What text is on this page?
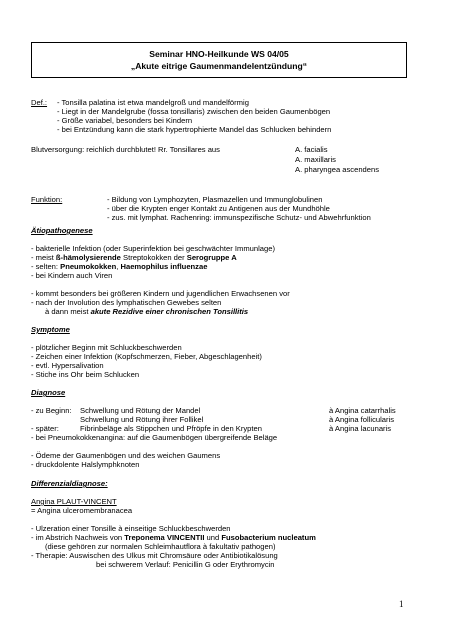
Seminar HNO-Heilkunde WS 04/05
„Akute eitrige Gaumenmandelentzündung“
Def.: - Tonsilla palatina ist etwa mandelgroß und mandelförmig
- Liegt in der Mandelgrube (fossa tonsillaris) zwischen den beiden Gaumenbögen
- Größe variabel, besonders bei Kindern
- bei Entzündung kann die stark hypertrophierte Mandel das Schlucken behindern
Blutversorgung: reichlich durchblutet! Rr. Tonsillares aus	A. facialis
A. maxillaris
A. pharyngea ascendens
Funktion:	- Bildung von Lymphozyten, Plasmazellen und Immunglobulinen
- über die Krypten enger Kontakt zu Antigenen aus der Mundhöhle
- zus. mit lymphat. Rachenring: immunspezifische Schutz- und Abwehrfunktion
Ätiopathogenese
- bakterielle Infektion (oder Superinfektion bei geschwächter Immunlage)
- meist ß-hämolysierende Streptokokken der Serogruppe A
- selten: Pneumokokken, Haemophilus influenzae
- bei Kindern auch Viren
- kommt besonders bei größeren Kindern und jugendlichen Erwachsenen vor
- nach der Involution des lymphatischen Gewebes selten
à dann meist akute Rezidive einer chronischen Tonsillitis
Symptome
- plötzlicher Beginn mit Schluckbeschwerden
- Zeichen einer Infektion (Kopfschmerzen, Fieber, Abgeschlagenheit)
- evtl. Hypersalivation
- Stiche ins Ohr beim Schlucken
Diagnose
- zu Beginn: Schwellung und Rötung der Mandel	à Angina catarrhalis
Schwellung und Rötung ihrer Follikel	à Angina follicularis
- später:	Fibrinbeläge als Stippchen und Pfröpfe in den Krypten	à Angina lacunaris
- bei Pneumokokkenangina: auf die Gaumenbögen übergreifende Beläge
- Ödeme der Gaumenbögen und des weichen Gaumens
- druckdolente Halslymphknoten
Differenzialdiagnose:
Angina PLAUT-VINCENT
= Angina ulceromembranacea
- Ulzeration einer Tonsille à einseitige Schluckbeschwerden
- im Abstrich Nachweis von Treponema VINCENTII und Fusobacterium nucleatum
(diese gehören zur normalen Schleimhautflora à fakultativ pathogen)
- Therapie: Auswischen des Ulkus mit Chromsäure oder Antibiotikalösung
bei schwerem Verlauf: Penicillin G oder Erythromycin
1
